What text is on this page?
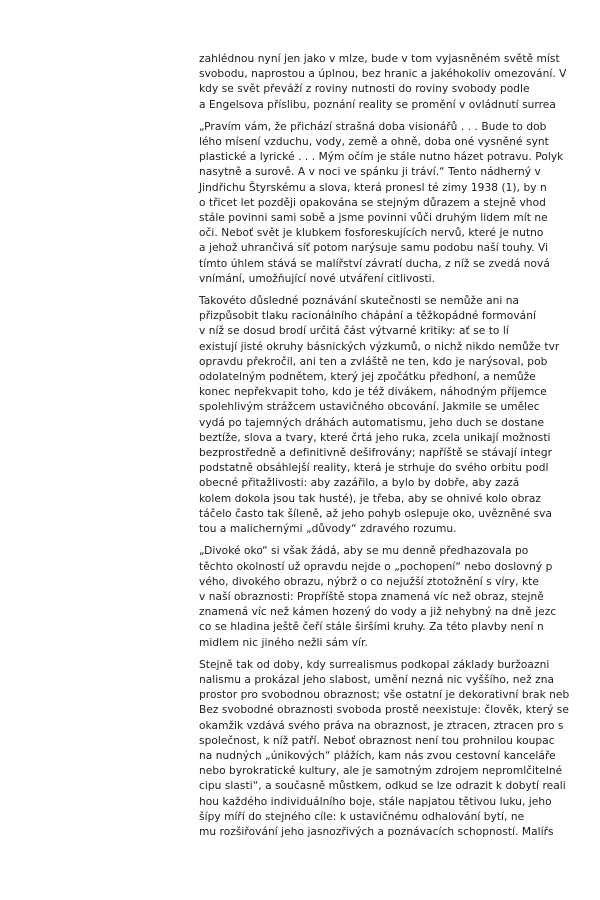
zahlédnou nyní jen jako v mlze, bude v tom vyjasněném světě míst
svobodu, naprostou a úplnou, bez hranic a jakéhokoliv omezování. V
kdy se svět převáží z roviny nutnosti do roviny svobody podle
a Engelsova příslibu, poznání reality se promění v ovládnutí surrea

„Pravím vám, že přichází strašná doba visionářů . . . Bude to dob
lého mísení vzduchu, vody, země a ohně, doba oné vysněné synt
plastické a lyrické . . . Mým očím je stále nutno házet potravu. Polyk
nasytně a surově. A v noci ve spánku ji tráví.“ Tento nádherný v
Jindřichu Štyrskému a slova, která pronesl té zimy 1938 (1), by n
o třicet let později opakována se stejným důrazem a stejně vhod
stále povinni sami sobě a jsme povinni vůči druhým lidem mít ne
oči. Neboť svět je klubkem fosforeskujících nervů, které je nutno
a jehož uhrančivá síť potom narýsuje samu podobu naší touhy. Vi
tímto úhlem stává se malířství závratí ducha, z níž se zvedá nová
vnímání, umožňující nové utváření citlivosti.

Takovéto důsledné poznávání skutečnosti se nemůže ani na
přizpůsobit tlaku racionálního chápání a těžkopádné formování
v níž se dosud brodí určitá část výtvarné kritiky: ať se to lí
existují jisté okruhy básnických výzkumů, o nichž nikdo nemůže tvr
opravdu překročil, ani ten a zvláště ne ten, kdo je narýsoval, pob
odolatelným podnětem, který jej zpočátku předhoní, a nemůže
konec nepřekvapit toho, kdo je též divákem, náhodným příjemce
spolehlivým strážcem ustavičného obcování. Jakmile se umělec
vydá po tajemných dráhách automatismu, jeho duch se dostane
beztíže, slova a tvary, které črtá jeho ruka, zcela unikají možnosti
bezprostředně a definitivně dešifrovány; napříště se stávají integr
podstatně obsáhlejší reality, která je strhuje do svého orbitu podl
obecné přitažlivosti: aby zazářilo, a bylo by dobře, aby zazá
kolem dokola jsou tak husté), je třeba, aby se ohnivé kolo obraz
táčelo často tak šíleně, až jeho pohyb oslepuje oko, uvězněné sva
tou a malichernými „důvody“ zdravého rozumu.

„Divoké oko“ si však žádá, aby se mu denně předhazovala po
těchto okolností už opravdu nejde o „pochopení“ nebo doslovný p
vého, divokého obrazu, nýbrž o co nejužší ztotožnění s víry, kte
v naší obraznosti: Propříště stopa znamená víc než obraz, stejně
znamená víc než kámen hozený do vody a již nehybný na dně jezc
co se hladina ještě čeří stále širšími kruhy. Za této plavby není n
midlem nic jiného nežli sám vír.

Stejně tak od doby, kdy surrealismus podkopal základy buržoazni
nalismu a prokázal jeho slabost, umění nezná nic vyššího, než zna
prostor pro svobodnou obraznost; vše ostatní je dekorativní brak neb
Bez svobodné obraznosti svoboda prostě neexistuje: člověk, který se
okamžik vzdává svého práva na obraznost, je ztracen, ztracen pro s
společnost, k níž patří. Neboť obraznost není tou prohnilou koupac
na nudných „únikových“ plážích, kam nás zvou cestovní kanceláře
nebo byrokratické kultury, ale je samotným zdrojem nepromlčitelné
cipu slasti“, a současně můstkem, odkud se lze odrazit k dobytí reali
hou každého individuálního boje, stále napjatou tětivou luku, jeho
šípy míří do stejného cíle: k ustavičnému odhalování bytí, ne
mu rozšiřování jeho jasnozřivých a poznávacích schopností. Malířs
